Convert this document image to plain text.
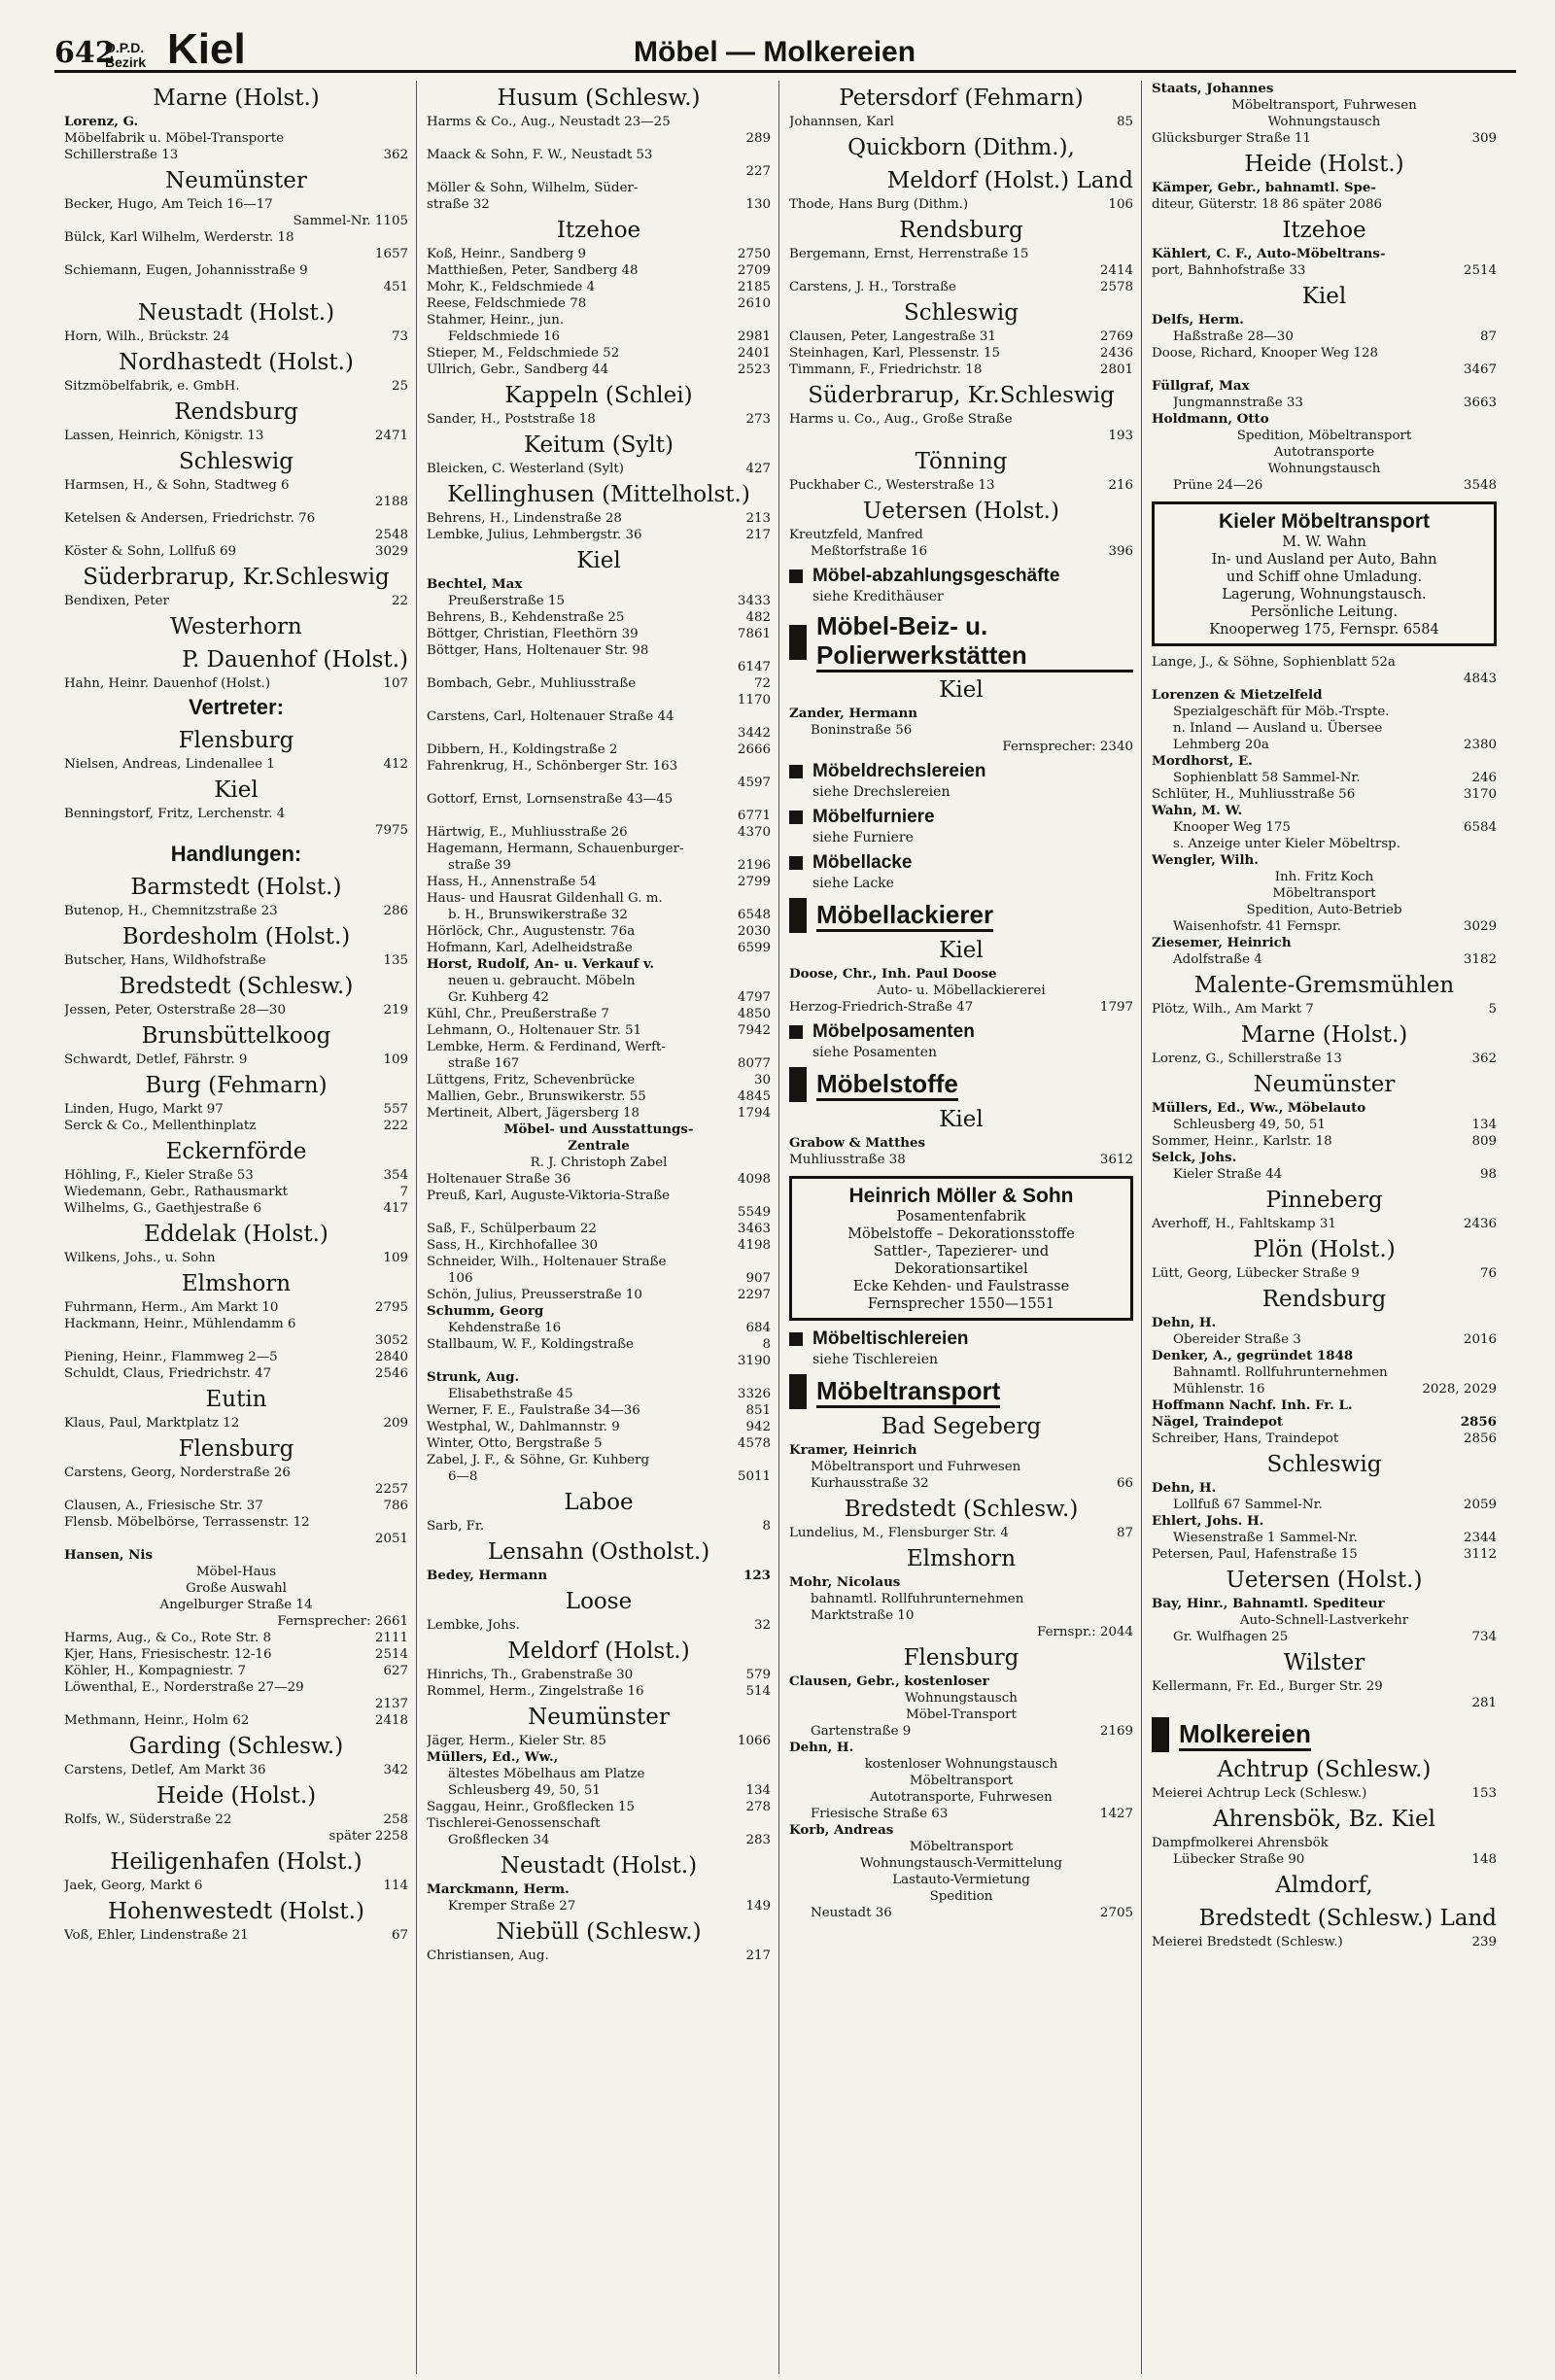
642
O.P.D.
Bezirk Kiel	Möbel — Molkereien
Marne (Holst.)
Lorenz, G.
Möbelfabrik u. Möbel-Transporte
Schillerstraße 13	362
Neumünster
Becker, Hugo, Am Teich 16—17
Sammel-Nr. 1105
Bülck, Karl Wilhelm, Werderstr. 18
1657
Schiemann, Eugen, Johannisstraße 9
451
Neustadt (Holst.)
Horn, Wilh., Brückstr. 24	73
Nordhastedt (Holst.)
Sitzmöbelfabrik, e. GmbH.	25
Rendsburg
Lassen, Heinrich, Königstr. 13	2471
Schleswig
Harmsen, H., & Sohn, Stadtweg 6
2188
Ketelsen & Andersen, Friedrichstr. 76
2548
Köster & Sohn, Lollfuß 69	3029
Süderbrarup, Kr.Schleswig
Bendixen, Peter	22
Westerhorn
P. Dauenhof (Holst.)
Hahn, Heinr. Dauenhof (Holst.)	107
Vertreter:
Flensburg
Nielsen, Andreas, Lindenallee 1	412
Kiel
Benningstorf, Fritz, Lerchenstr. 4
7975
Handlungen:
Barmstedt (Holst.)
Butenop, H., Chemnitzstraße 23	286
Bordesholm (Holst.)
Butscher, Hans, Wildhofstraße	135
Bredstedt (Schlesw.)
Jessen, Peter, Osterstraße 28—30	219
Brunsbüttelkoog
Schwardt, Detlef, Fährstr. 9	109
Burg (Fehmarn)
Linden, Hugo, Markt 97	557
Serck & Co., Mellenthinplatz	222
Eckernförde
Höhling, F., Kieler Straße 53	354
Wiedemann, Gebr., Rathausmarkt	7
Wilhelms, G., Gaethjestraße 6	417
Eddelak (Holst.)
Wilkens, Johs., u. Sohn	109
Elmshorn
Fuhrmann, Herm., Am Markt 10	2795
Hackmann, Heinr., Mühlendamm 6
3052
Piening, Heinr., Flammweg 2—5	2840
Schuldt, Claus, Friedrichstr. 47	2546
Eutin
Klaus, Paul, Marktplatz 12	209
Flensburg
Carstens, Georg, Norderstraße 26
2257
Clausen, A., Friesische Str. 37	786
Flensb. Möbelbörse, Terrassenstr. 12
2051
Hansen, Nis
Möbel-Haus
Große Auswahl
Angelburger Straße 14
Fernsprecher: 2661
Harms, Aug., & Co., Rote Str. 8	2111
Kjer, Hans, Friesischestr. 12-16	2514
Köhler, H., Kompagniestr. 7	627
Löwenthal, E., Norderstraße 27—29
2137
Methmann, Heinr., Holm 62	2418
Garding (Schlesw.)
Carstens, Detlef, Am Markt 36	342
Heide (Holst.)
Rolfs, W., Süderstraße 22	258
später 2258
Heiligenhafen (Holst.)
Jaek, Georg, Markt 6	114
Hohenwestedt (Holst.)
Voß, Ehler, Lindenstraße 21	67
Husum (Schlesw.)
Harms & Co., Aug., Neustadt 23—25
289
Maack & Sohn, F. W., Neustadt 53
227
Möller & Sohn, Wilhelm, Süder-
straße 32	130
Itzehoe
Koß, Heinr., Sandberg 9	2750
Matthießen, Peter, Sandberg 48	2709
Mohr, K., Feldschmiede 4	2185
Reese, Feldschmiede 78	2610
Stahmer, Heinr., jun.
Feldschmiede 16	2981
Stieper, M., Feldschmiede 52	2401
Ullrich, Gebr., Sandberg 44	2523
Kappeln (Schlei)
Sander, H., Poststraße 18	273
Keitum (Sylt)
Bleicken, C. Westerland (Sylt)	427
Kellinghusen (Mittelholst.)
Behrens, H., Lindenstraße 28	213
Lembke, Julius, Lehmbergstr. 36	217
Kiel
Bechtel, Max
Preußerstraße 15	3433
Behrens, B., Kehdenstraße 25	482
Böttger, Christian, Fleethörn 39	7861
Böttger, Hans, Holtenauer Str. 98
6147
Bombach, Gebr., Muhliusstraße	72
1170
Carstens, Carl, Holtenauer Straße 44
3442
Dibbern, H., Koldingstraße 2	2666
Fahrenkrug, H., Schönberger Str. 163
4597
Gottorf, Ernst, Lornsenstraße 43—45
6771
Härtwig, E., Muhliusstraße 26	4370
Hagemann, Hermann, Schauenburger-
straße 39	2196
Hass, H., Annenstraße 54	2799
Haus- und Hausrat Gildenhall G. m.
b. H., Brunswikerstraße 32	6548
Hörlöck, Chr., Augustenstr. 76a	2030
Hofmann, Karl, Adelheidstraße	6599
Horst, Rudolf, An- u. Verkauf v.
neuen u. gebraucht. Möbeln
Gr. Kuhberg 42	4797
Kühl, Chr., Preußerstraße 7	4850
Lehmann, O., Holtenauer Str. 51	7942
Lembke, Herm. & Ferdinand, Werft-
straße 167	8077
Lüttgens, Fritz, Schevenbrücke	30
Mallien, Gebr., Brunswikerstr. 55	4845
Mertineit, Albert, Jägersberg 18	1794
Möbel- und Ausstattungs-
Zentrale
R. J. Christoph Zabel
Holtenauer Straße 36	4098
Preuß, Karl, Auguste-Viktoria-Straße
5549
Saß, F., Schülperbaum 22	3463
Sass, H., Kirchhofallee 30	4198
Schneider, Wilh., Holtenauer Straße
106	907
Schön, Julius, Preusserstraße 10	2297
Schumm, Georg
Kehdenstraße 16	684
Stallbaum, W. F., Koldingstraße	8
3190
Strunk, Aug.
Elisabethstraße 45	3326
Werner, F. E., Faulstraße 34—36	851
Westphal, W., Dahlmannstr. 9	942
Winter, Otto, Bergstraße 5	4578
Zabel, J. F., & Söhne, Gr. Kuhberg
6—8	5011
Laboe
Sarb, Fr.	8
Lensahn (Ostholst.)
Bedey, Hermann	123
Loose
Lembke, Johs.	32
Meldorf (Holst.)
Hinrichs, Th., Grabenstraße 30	579
Rommel, Herm., Zingelstraße 16	514
Neumünster
Jäger, Herm., Kieler Str. 85	1066
Müllers, Ed., Ww.,
ältestes Möbelhaus am Platze
Schleusberg 49, 50, 51	134
Saggau, Heinr., Großflecken 15	278
Tischlerei-Genossenschaft
Großflecken 34	283
Neustadt (Holst.)
Marckmann, Herm.
Kremper Straße 27	149
Niebüll (Schlesw.)
Christiansen, Aug.	217
Petersdorf (Fehmarn)
Johannsen, Karl	85
Quickborn (Dithm.),
Meldorf (Holst.) Land
Thode, Hans Burg (Dithm.)	106
Rendsburg
Bergemann, Ernst, Herrenstraße 15
2414
Carstens, J. H., Torstraße	2578
Schleswig
Clausen, Peter, Langestraße 31	2769
Steinhagen, Karl, Plessenstr. 15	2436
Timmann, F., Friedrichstr. 18	2801
Süderbrarup, Kr.Schleswig
Harms u. Co., Aug., Große Straße
193
Tönning
Puckhaber C., Westerstraße 13	216
Uetersen (Holst.)
Kreutzfeld, Manfred
Meßtorfstraße 16	396
Möbel-abzahlungsgeschäfte
siehe Kredithäuser
Möbel-Beiz- u. Polierwerkstätten
Kiel
Zander, Hermann
Boninstraße 56
Fernsprecher: 2340
Möbeldrechslereien
siehe Drechslereien
Möbelfurniere
siehe Furniere
Möbellacke
siehe Lacke
Möbellackierer
Kiel
Doose, Chr., Inh. Paul Doose
Auto- u. Möbellackiererei
Herzog-Friedrich-Straße 47	1797
Möbelposamenten
siehe Posamenten
Möbelstoffe
Kiel
Grabow & Matthes
Muhliusstraße 38	3612
Heinrich Möller & Sohn
Posamentenfabrik
Möbelstoffe – Dekorationsstoffe
Sattler-, Tapezierer- und
Dekorationsartikel
Ecke Kehden- und Faulstrasse
Fernsprecher 1550—1551
Möbeltischlereien
siehe Tischlereien
Möbeltransport
Bad Segeberg
Kramer, Heinrich
Möbeltransport und Fuhrwesen
Kurhausstraße 32	66
Bredstedt (Schlesw.)
Lundelius, M., Flensburger Str. 4	87
Elmshorn
Mohr, Nicolaus
bahnamtl. Rollfuhrunternehmen
Marktstraße 10
Fernspr.: 2044
Flensburg
Clausen, Gebr., kostenloser
Wohnungstausch
Möbel-Transport
Gartenstraße 9	2169
Dehn, H.
kostenloser Wohnungstausch
Möbeltransport
Autotransporte, Fuhrwesen
Friesische Straße 63	1427
Korb, Andreas
Möbeltransport
Wohnungstausch-Vermittelung
Lastauto-Vermietung
Spedition
Neustadt 36	2705
Staats, Johannes
Möbeltransport, Fuhrwesen
Wohnungstausch
Glücksburger Straße 11	309
Heide (Holst.)
Kämper, Gebr., bahnamtl. Spe-
diteur, Güterstr. 18 86 später 2086
Itzehoe
Kählert, C. F., Auto-Möbeltrans-
port, Bahnhofstraße 33	2514
Kiel
Delfs, Herm.
Haßstraße 28—30	87
Doose, Richard, Knooper Weg 128
3467
Füllgraf, Max
Jungmannstraße 33	3663
Holdmann, Otto
Spedition, Möbeltransport
Autotransporte
Wohnungstausch
Prüne 24—26	3548
Kieler Möbeltransport
M. W. Wahn
In- und Ausland per Auto, Bahn
und Schiff ohne Umladung.
Lagerung, Wohnungstausch.
Persönliche Leitung.
Knooperweg 175, Fernspr. 6584
Lange, J., & Söhne, Sophienblatt 52a
4843
Lorenzen & Mietzelfeld
Spezialgeschäft für Möb.-Trspte.
n. Inland — Ausland u. Übersee
Lehmberg 20a	2380
Mordhorst, E.
Sophienblatt 58 Sammel-Nr.	246
Schlüter, H., Muhliusstraße 56	3170
Wahn, M. W.
Knooper Weg 175	6584
s. Anzeige unter Kieler Möbeltrsp.
Wengler, Wilh.
Inh. Fritz Koch
Möbeltransport
Spedition, Auto-Betrieb
Waisenhofstr. 41 Fernspr.	3029
Ziesemer, Heinrich
Adolfstraße 4	3182
Malente-Gremsmühlen
Plötz, Wilh., Am Markt 7	5
Marne (Holst.)
Lorenz, G., Schillerstraße 13	362
Neumünster
Müllers, Ed., Ww., Möbelauto
Schleusberg 49, 50, 51	134
Sommer, Heinr., Karlstr. 18	809
Selck, Johs.
Kieler Straße 44	98
Pinneberg
Averhoff, H., Fahltskamp 31	2436
Plön (Holst.)
Lütt, Georg, Lübecker Straße 9	76
Rendsburg
Dehn, H.
Obereider Straße 3	2016
Denker, A., gegründet 1848
Bahnamtl. Rollfuhrunternehmen
Mühlenstr. 16	2028, 2029
Hoffmann Nachf. Inh. Fr. L.
Nägel, Traindepot	2856
Schreiber, Hans, Traindepot	2856
Schleswig
Dehn, H.
Lollfuß 67 Sammel-Nr.	2059
Ehlert, Johs. H.
Wiesenstraße 1 Sammel-Nr.	2344
Petersen, Paul, Hafenstraße 15	3112
Uetersen (Holst.)
Bay, Hinr., Bahnamtl. Spediteur
Auto-Schnell-Lastverkehr
Gr. Wulfhagen 25	734
Wilster
Kellermann, Fr. Ed., Burger Str. 29
281
Molkereien
Achtrup (Schlesw.)
Meierei Achtrup Leck (Schlesw.)	153
Ahrensbök, Bz. Kiel
Dampfmolkerei Ahrensbök
Lübecker Straße 90	148
Almdorf,
Bredstedt (Schlesw.) Land
Meierei Bredstedt (Schlesw.)	239
